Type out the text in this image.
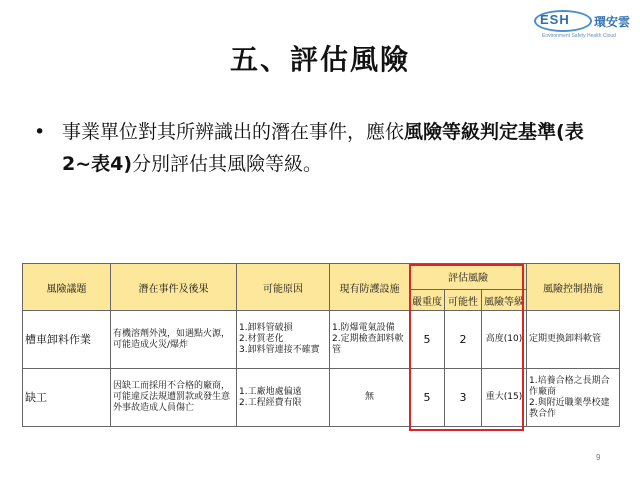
ESH 環安雲
Environment Safety Health Cloud
五、評估風險
• 事業單位對其所辨識出的潛在事件，應依風險等級判定基準(表2~表4)分別評估其風險等級。
風險議題	潛在事件及後果	可能原因	現有防護設施	評估風險			風險控制措施
				嚴重度	可能性	風險等級	
槽車卸料作業	有機溶劑外洩，如遇點火源，可能造成火災/爆炸	1.卸料管破損
2.材質老化
3.卸料管連接不確實	1.防爆電氣設備
2.定期檢查卸料軟管	5	2	高度(10)	定期更換卸料軟管
缺工	因缺工而採用不合格的廠商，可能違反法規遭罰款或發生意外事故造成人員傷亡	1.工廠地處偏遠
2.工程經費有限	無	5	3	重大(15)	1.培養合格之長期合作廠商
2.與附近職業學校建教合作
9
